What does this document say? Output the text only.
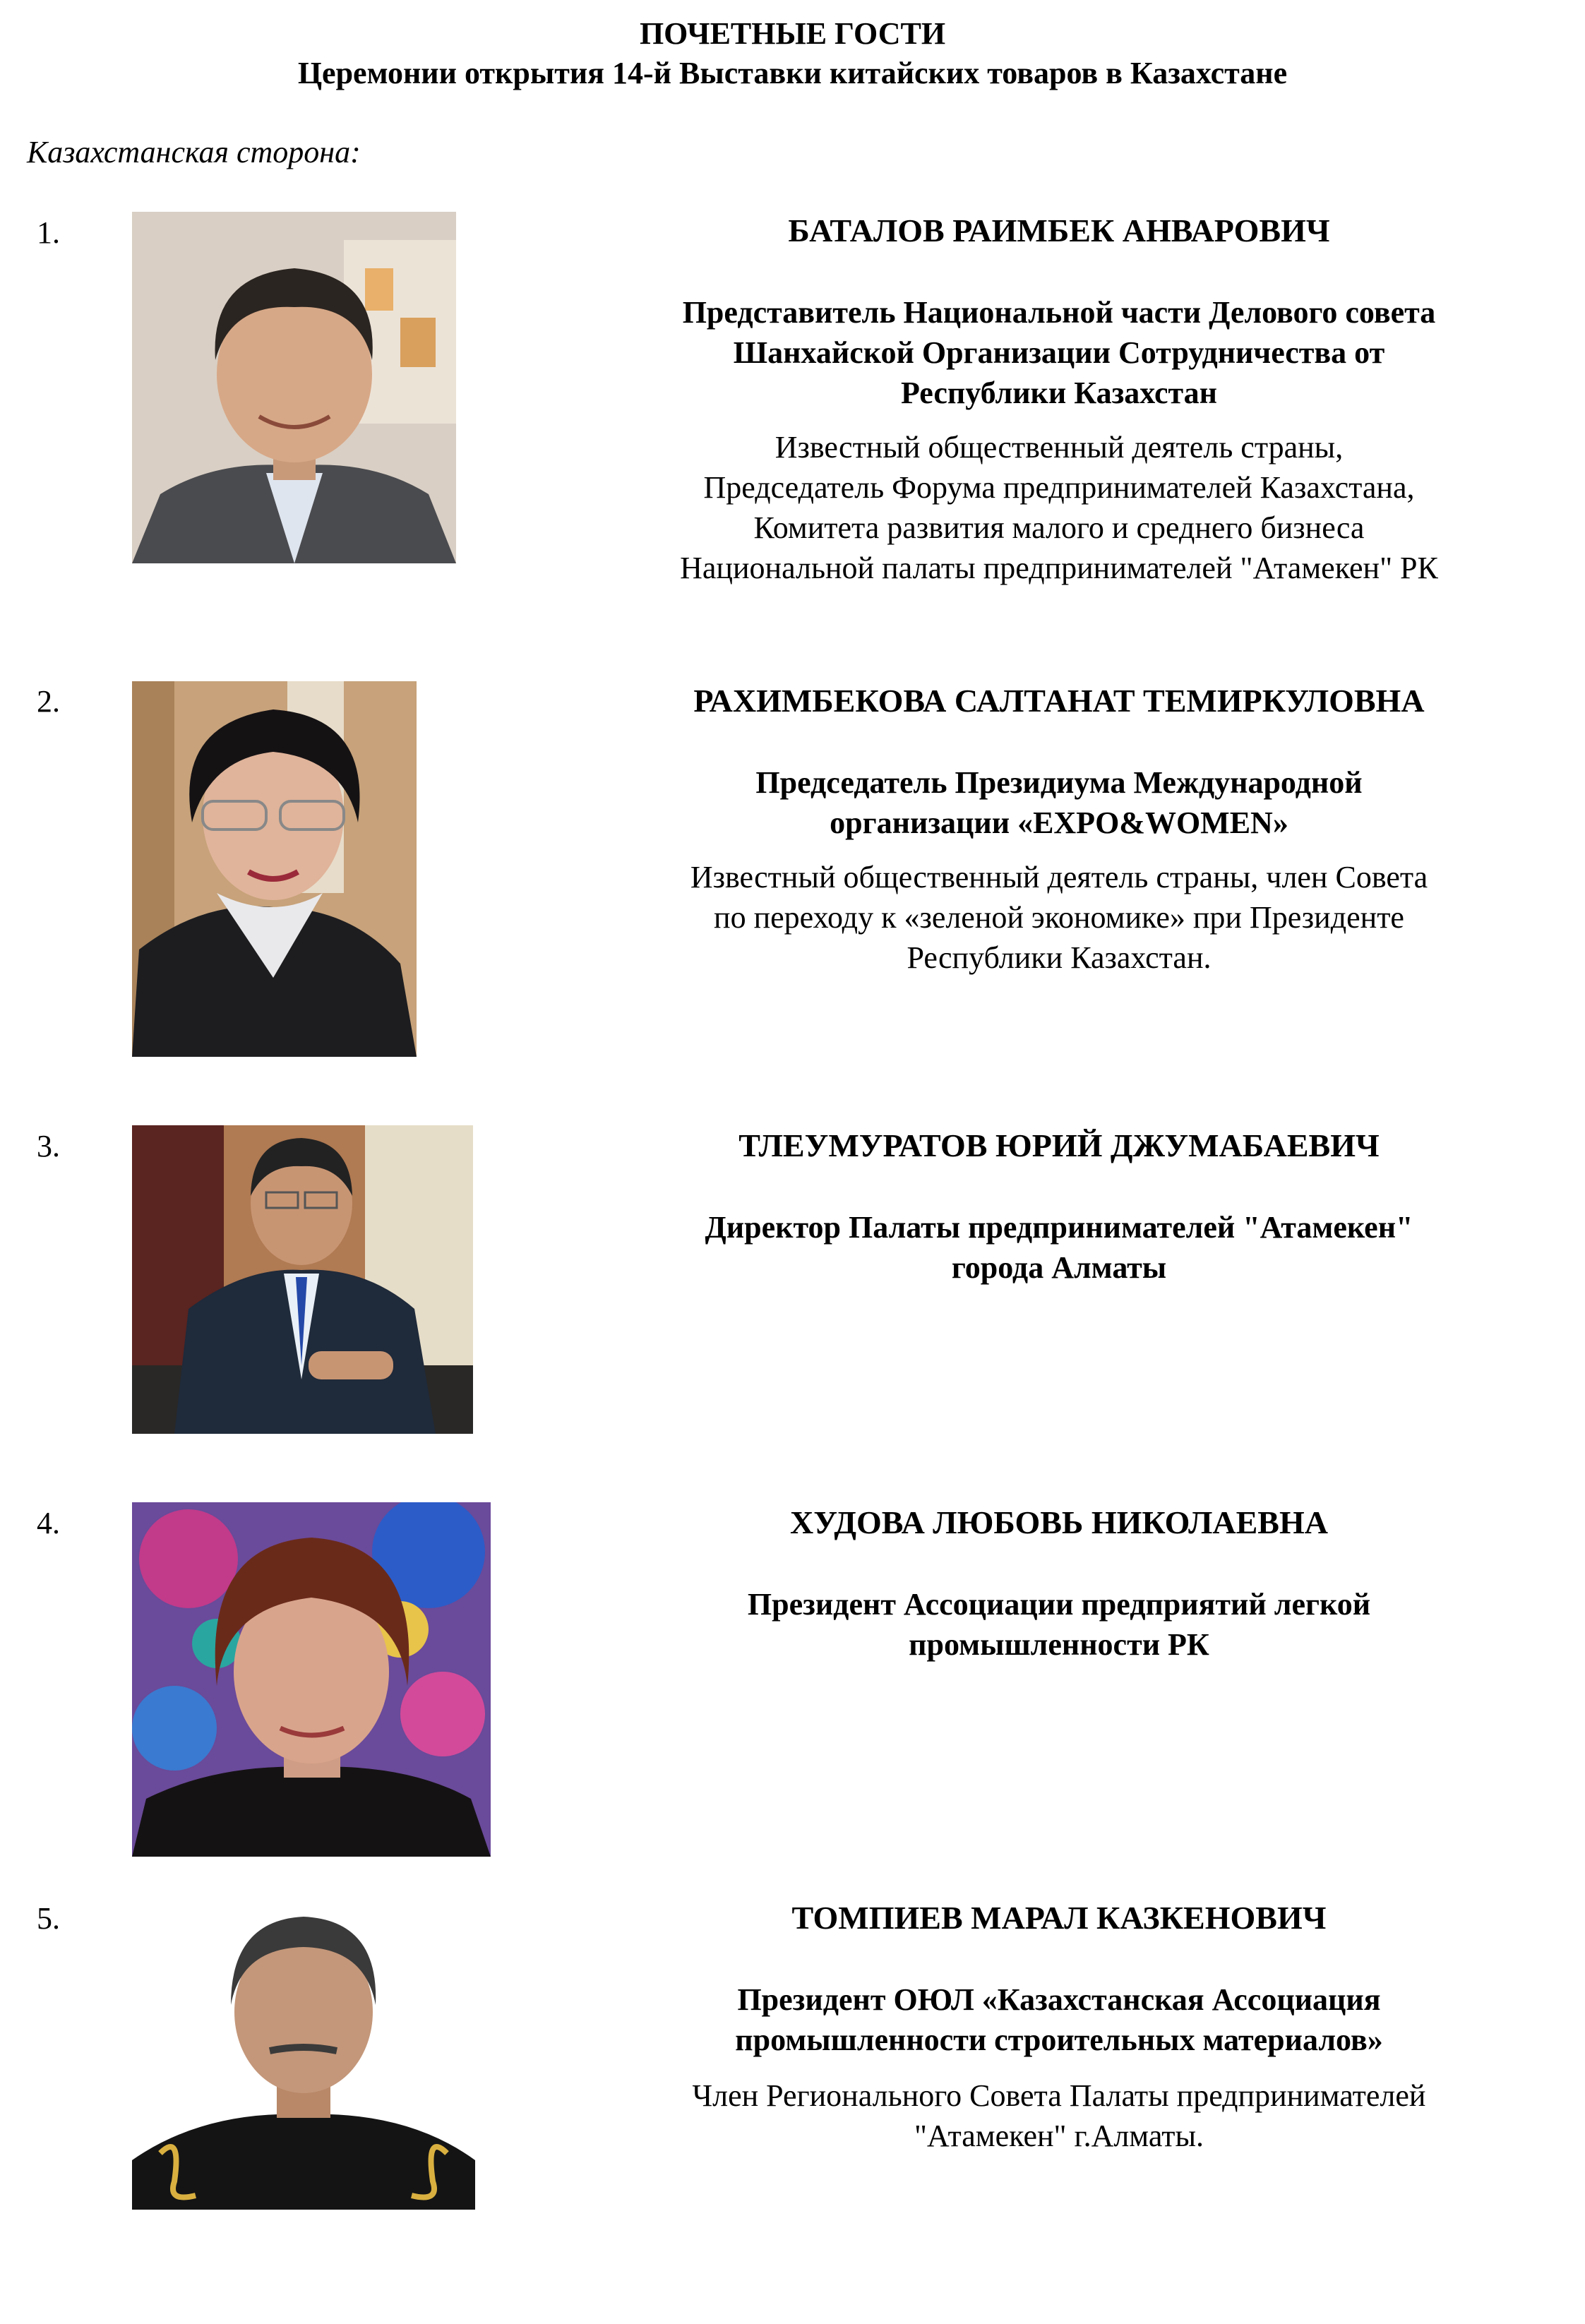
ПОЧЕТНЫЕ ГОСТИ
Церемонии открытия 14-й Выставки китайских товаров в Казахстане
Казахстанская сторона:
1.	БАТАЛОВ РАИМБЕК АНВАРОВИЧ

Представитель Национальной части Делового совета
Шанхайской Организации Сотрудничества от
Республики Казахстан

Известный общественный деятель страны,
Председатель Форума предпринимателей Казахстана,
Комитета развития малого и среднего бизнеса
Национальной палаты предпринимателей "Атамекен" РК

2.	РАХИМБЕКОВА САЛТАНАТ ТЕМИРКУЛОВНА

Председатель Президиума Международной
организации «EXPO&WOMEN»

Известный общественный деятель страны, член Совета
по переходу к «зеленой экономике» при Президенте
Республики Казахстан.

3.	ТЛЕУМУРАТОВ ЮРИЙ ДЖУМАБАЕВИЧ

Директор Палаты предпринимателей "Атамекен"
города Алматы

4.	ХУДОВА ЛЮБОВЬ НИКОЛАЕВНА

Президент Ассоциации предприятий легкой
промышленности РК

5.	ТОМПИЕВ МАРАЛ КАЗКЕНОВИЧ

Президент ОЮЛ «Казахстанская Ассоциация
промышленности строительных материалов»

Член Регионального Совета Палаты предпринимателей
"Атамекен" г.Алматы.
